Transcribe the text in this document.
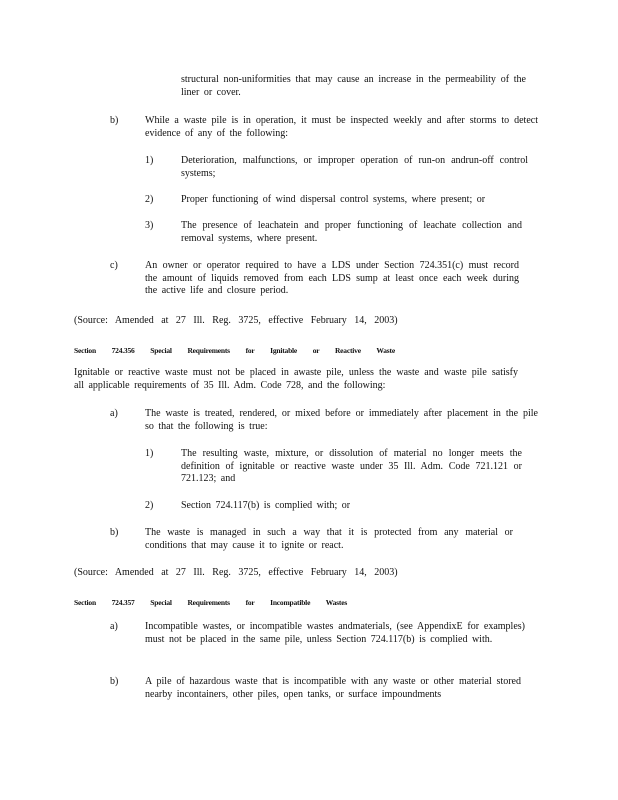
structural non-uniformities that may cause an increase in the permeability of the liner or cover.

b)	While a waste pile is in operation, it must be inspected weekly and after storms to detect evidence of any of the following:

1)	Deterioration, malfunctions, or improper operation of run-on andrun-off control systems;

2)	Proper functioning of wind dispersal control systems, where present; or

3)	The presence of leachatein and proper functioning of leachate collection and removal systems, where present.

c)	An owner or operator required to have a LDS under Section 724.351(c) must record the amount of liquids removed from each LDS sump at least once each week during the active life and closure period.

(Source: Amended at 27 Ill. Reg. 3725, effective February 14, 2003)

Section 724.356 Special Requirements for Ignitable or Reactive Waste

Ignitable or reactive waste must not be placed in awaste pile, unless the waste and waste pile satisfy all applicable requirements of 35 Ill. Adm. Code 728, and the following:

a)	The waste is treated, rendered, or mixed before or immediately after placement in the pile so that the following is true:

1)	The resulting waste, mixture, or dissolution of material no longer meets the definition of ignitable or reactive waste under 35 Ill. Adm. Code 721.121 or 721.123; and

2)	Section 724.117(b) is complied with; or

b)	The waste is managed in such a way that it is protected from any material or conditions that may cause it to ignite or react.

(Source: Amended at 27 Ill. Reg. 3725, effective February 14, 2003)

Section 724.357 Special Requirements for Incompatible Wastes

a)	Incompatible wastes, or incompatible wastes andmaterials, (see AppendixE for examples) must not be placed in the same pile, unless Section 724.117(b) is complied with.

b)	A pile of hazardous waste that is incompatible with any waste or other material stored nearby incontainers, other piles, open tanks, or surface impoundments
